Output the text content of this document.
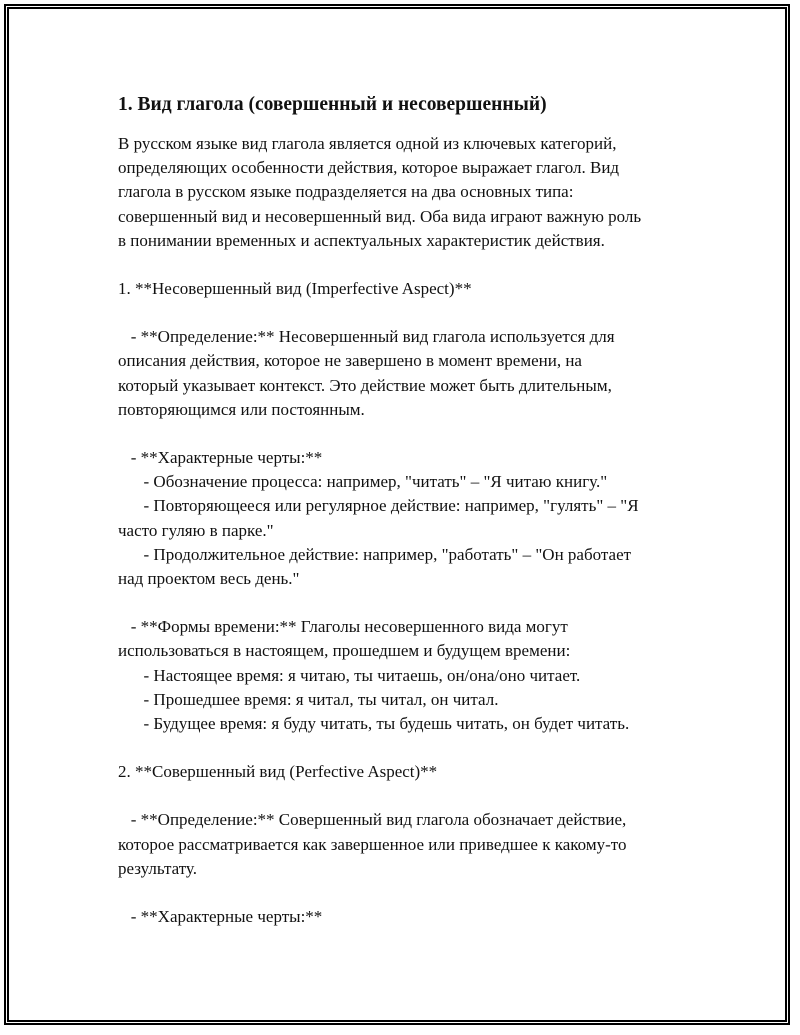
1. Вид глагола (совершенный и несовершенный)

В русском языке вид глагола является одной из ключевых категорий,
определяющих особенности действия, которое выражает глагол. Вид
глагола в русском языке подразделяется на два основных типа:
совершенный вид и несовершенный вид. Оба вида играют важную роль
в понимании временных и аспектуальных характеристик действия.

1. **Несовершенный вид (Imperfective Aspect)**

- **Определение:** Несовершенный вид глагола используется для
описания действия, которое не завершено в момент времени, на
который указывает контекст. Это действие может быть длительным,
повторяющимся или постоянным.

- **Характерные черты:**
- Обозначение процесса: например, "читать" – "Я читаю книгу."
- Повторяющееся или регулярное действие: например, "гулять" – "Я
часто гуляю в парке."
- Продолжительное действие: например, "работать" – "Он работает
над проектом весь день."

- **Формы времени:** Глаголы несовершенного вида могут
использоваться в настоящем, прошедшем и будущем времени:
- Настоящее время: я читаю, ты читаешь, он/она/оно читает.
- Прошедшее время: я читал, ты читал, он читал.
- Будущее время: я буду читать, ты будешь читать, он будет читать.

2. **Совершенный вид (Perfective Aspect)**

- **Определение:** Совершенный вид глагола обозначает действие,
которое рассматривается как завершенное или приведшее к какому-то
результату.

- **Характерные черты:**
